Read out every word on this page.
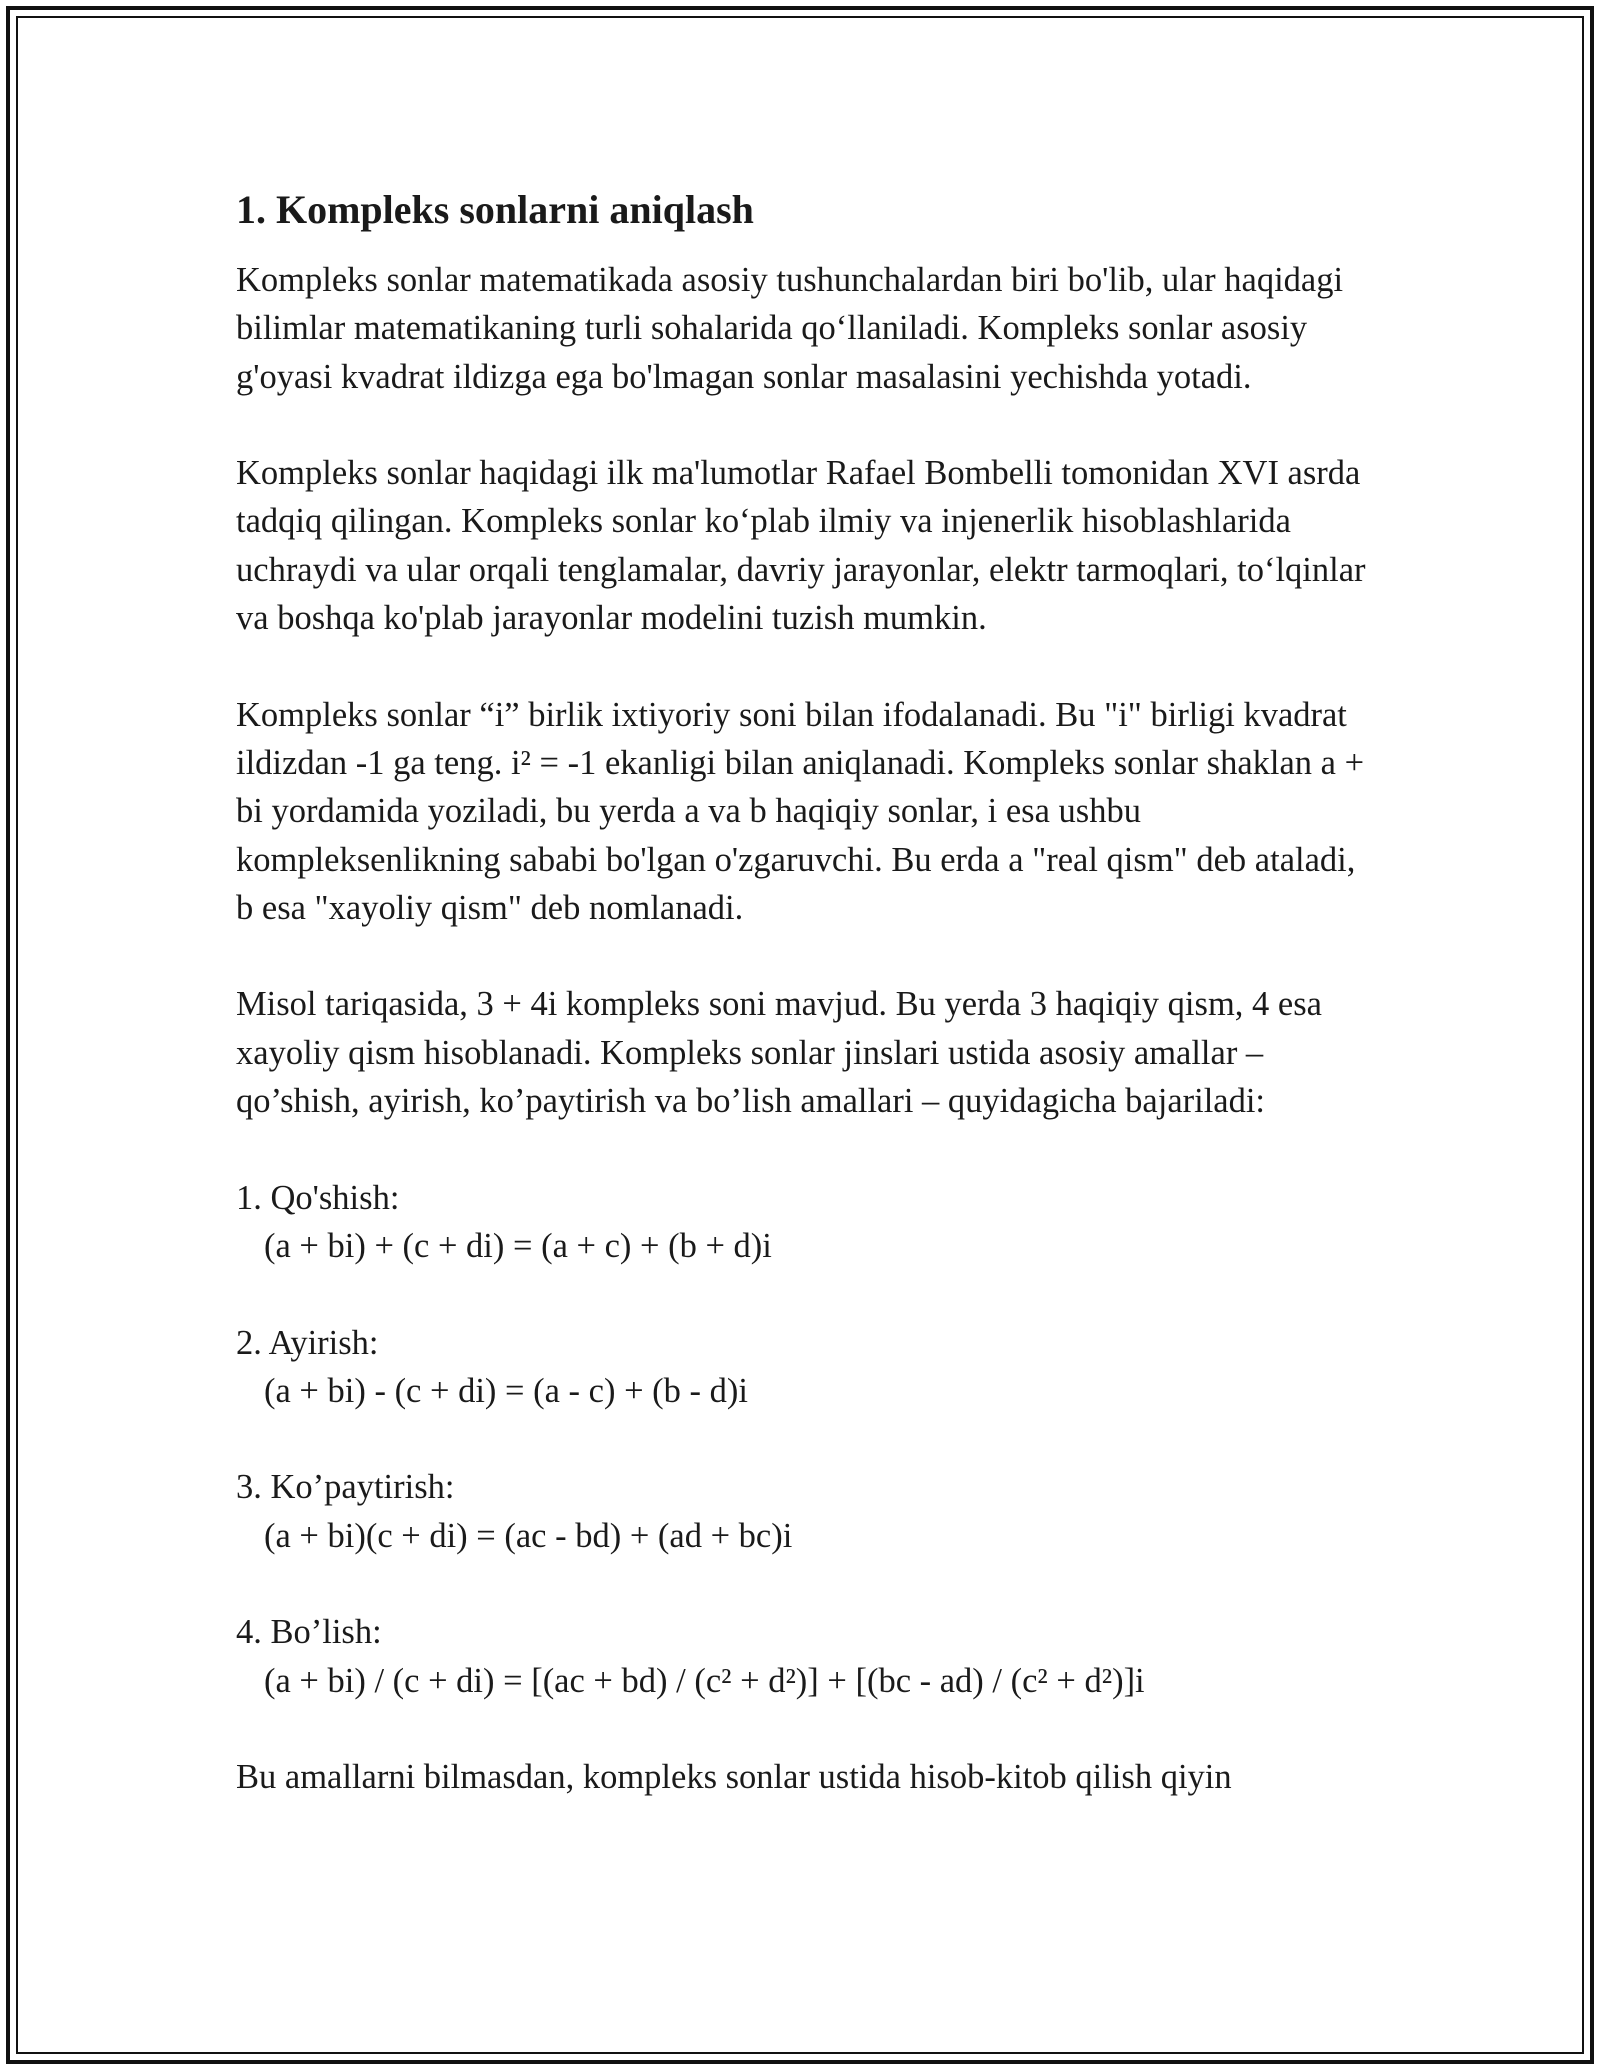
1. Kompleks sonlarni aniqlash

Kompleks sonlar matematikada asosiy tushunchalardan biri bo'lib, ular haqidagi bilimlar matematikaning turli sohalarida qo‘llaniladi. Kompleks sonlar asosiy g'oyasi kvadrat ildizga ega bo'lmagan sonlar masalasini yechishda yotadi.

Kompleks sonlar haqidagi ilk ma'lumotlar Rafael Bombelli tomonidan XVI asrda tadqiq qilingan. Kompleks sonlar ko‘plab ilmiy va injenerlik hisoblashlarida uchraydi va ular orqali tenglamalar, davriy jarayonlar, elektr tarmoqlari, to‘lqinlar va boshqa ko'plab jarayonlar modelini tuzish mumkin.

Kompleks sonlar “i” birlik ixtiyoriy soni bilan ifodalanadi. Bu "i" birligi kvadrat ildizdan -1 ga teng. i² = -1 ekanligi bilan aniqlanadi. Kompleks sonlar shaklan a + bi yordamida yoziladi, bu yerda a va b haqiqiy sonlar, i esa ushbu kompleksenlikning sababi bo'lgan o'zgaruvchi. Bu erda a "real qism" deb ataladi, b esa "xayoliy qism" deb nomlanadi.

Misol tariqasida, 3 + 4i kompleks soni mavjud. Bu yerda 3 haqiqiy qism, 4 esa xayoliy qism hisoblanadi. Kompleks sonlar jinslari ustida asosiy amallar – qo’shish, ayirish, ko’paytirish va bo’lish amallari – quyidagicha bajariladi:

1. Qo'shish:
(a + bi) + (c + di) = (a + c) + (b + d)i
2. Ayirish:
(a + bi) - (c + di) = (a - c) + (b - d)i
3. Ko’paytirish:
(a + bi)(c + di) = (ac - bd) + (ad + bc)i
4. Bo’lish:
(a + bi) / (c + di) = [(ac + bd) / (c² + d²)] + [(bc - ad) / (c² + d²)]i

Bu amallarni bilmasdan, kompleks sonlar ustida hisob-kitob qilish qiyin
